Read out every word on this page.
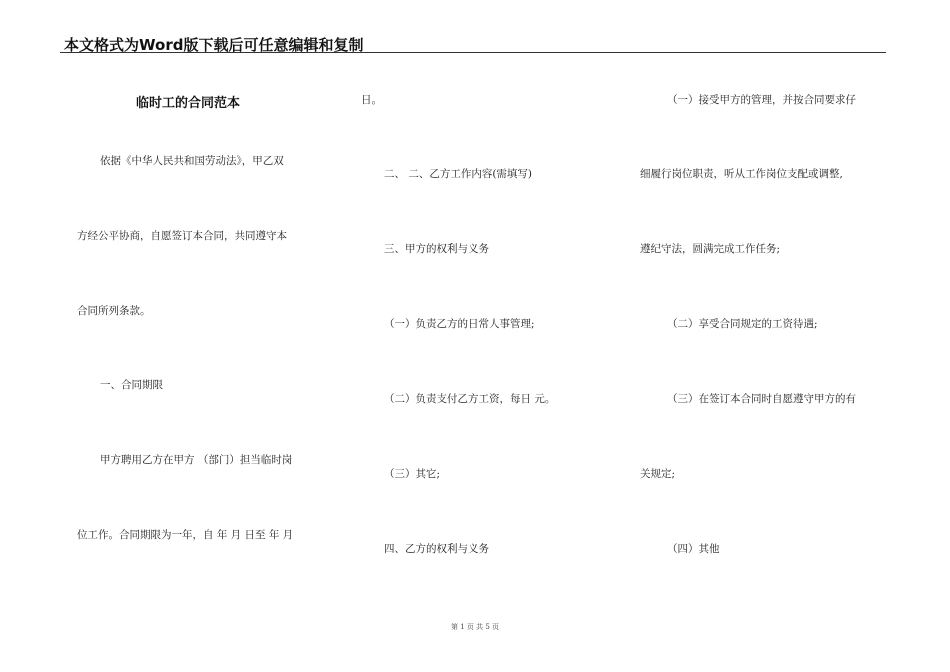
本文格式为Word版下载后可任意编辑和复制
临时工的合同范本
依据《中华人民共和国劳动法》，甲乙双
方经公平协商，自愿签订本合同，共同遵守本
合同所列条款。
一、合同期限
甲方聘用乙方在甲方 （部门）担当临时岗
位工作。合同期限为一年，自 年 月 日至 年 月
日。
二、 二、乙方工作内容(需填写)
三、甲方的权利与义务
（一）负责乙方的日常人事管理;
（二）负责支付乙方工资，每日 元。
（三）其它;
四、乙方的权利与义务
（一）接受甲方的管理，并按合同要求仔
细履行岗位职责，听从工作岗位支配或调整,
遵纪守法，圆满完成工作任务;
（二）享受合同规定的工资待遇;
（三）在签订本合同时自愿遵守甲方的有
关规定;
（四）其他
第 1 页 共 5 页
